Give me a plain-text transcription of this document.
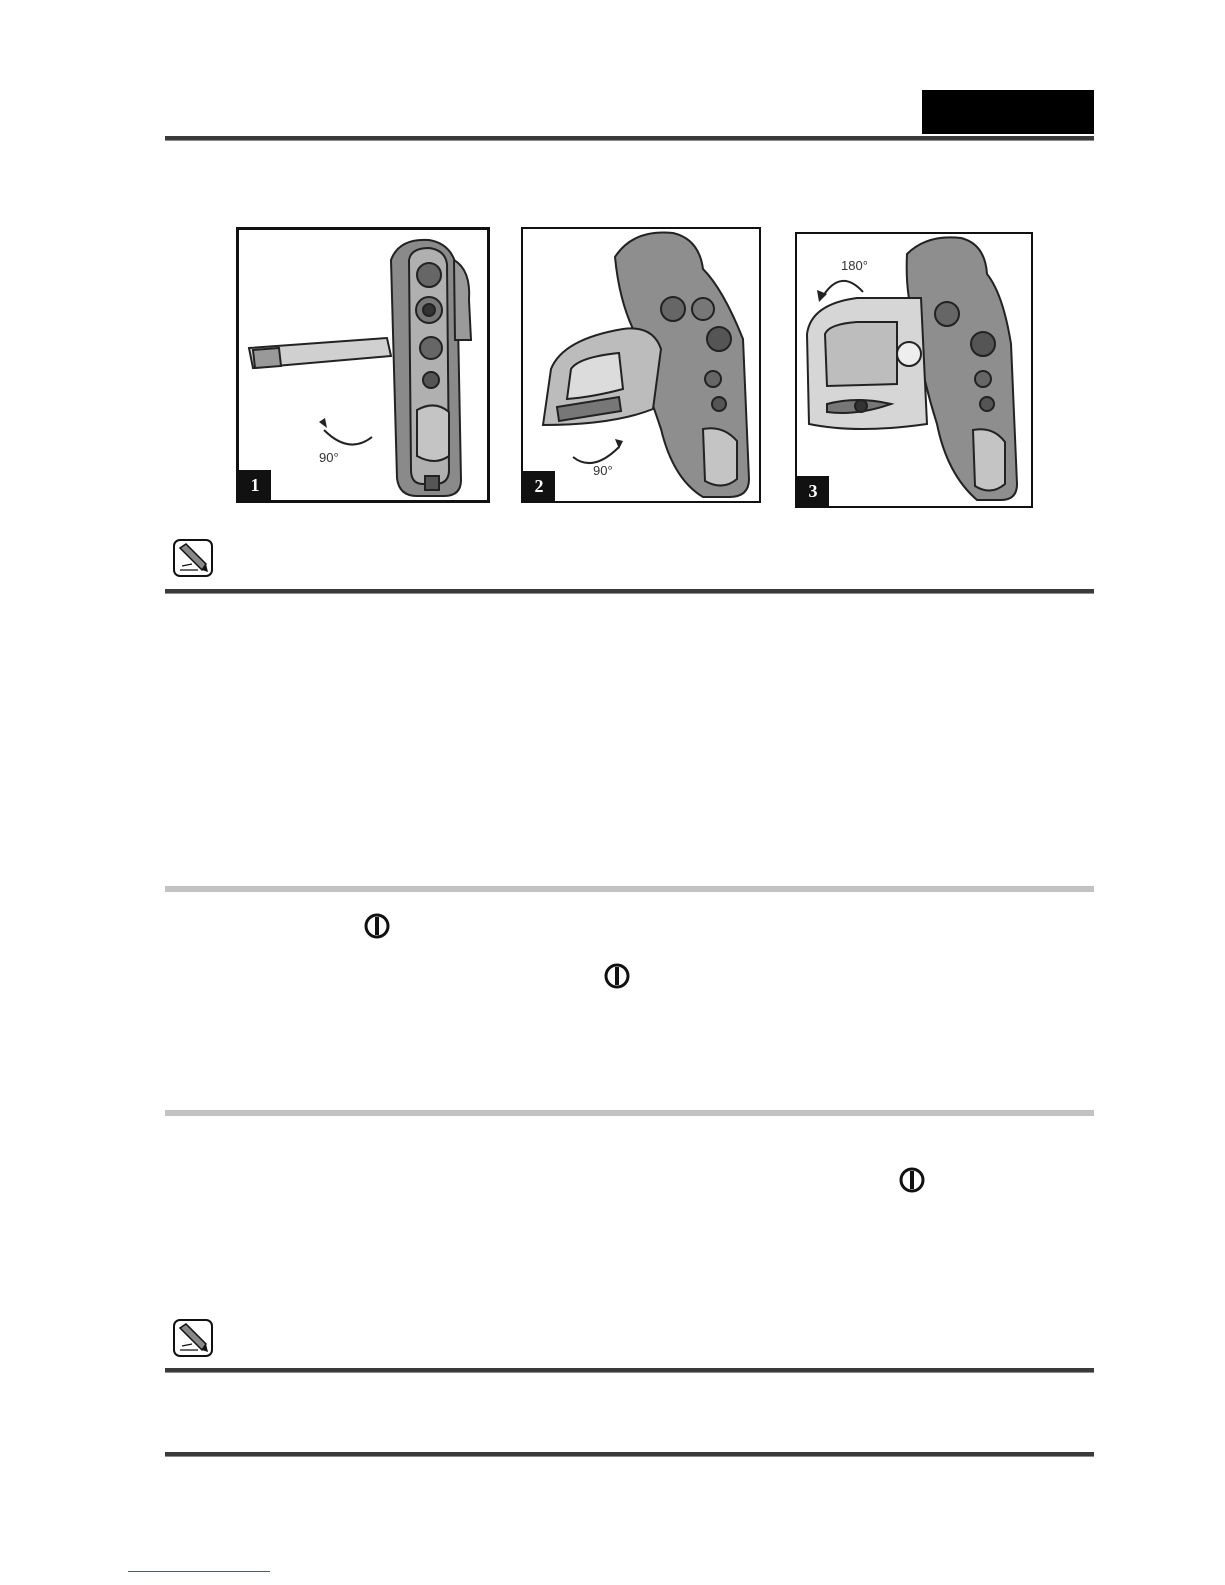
90°
1
90°
2
180°
3
